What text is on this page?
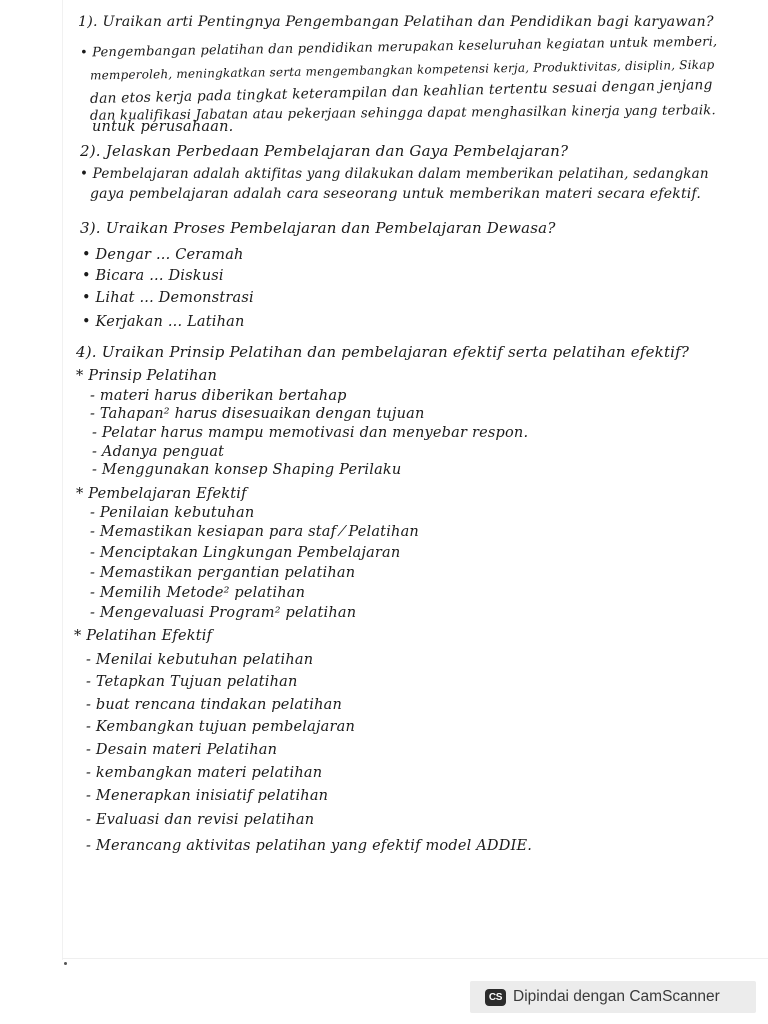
1). Uraikan arti Pentingnya Pengembangan Pelatihan dan Pendidikan bagi karyawan?
• Pengembangan pelatihan dan pendidikan merupakan keseluruhan kegiatan untuk memberi,
memperoleh, meningkatkan serta mengembangkan kompetensi kerja, Produktivitas, disiplin, Sikap
dan etos kerja pada tingkat keterampilan dan keahlian tertentu sesuai dengan jenjang
dan kualifikasi Jabatan atau pekerjaan sehingga dapat menghasilkan kinerja yang terbaik.
untuk perusahaan.
2). Jelaskan Perbedaan Pembelajaran dan Gaya Pembelajaran?
• Pembelajaran adalah aktifitas yang dilakukan dalam memberikan pelatihan, sedangkan
gaya pembelajaran adalah cara seseorang untuk memberikan materi secara efektif.
3). Uraikan Proses Pembelajaran dan Pembelajaran Dewasa?
• Dengar ... Ceramah
• Bicara ... Diskusi
• Lihat ... Demonstrasi
• Kerjakan ... Latihan
4). Uraikan Prinsip Pelatihan dan pembelajaran efektif serta pelatihan efektif?
* Prinsip Pelatihan
- materi harus diberikan bertahap
- Tahapan² harus disesuaikan dengan tujuan
- Pelatar harus mampu memotivasi dan menyebar respon.
- Adanya penguat
- Menggunakan konsep Shaping Perilaku
* Pembelajaran Efektif
- Penilaian kebutuhan
- Memastikan kesiapan para staf ⁄ Pelatihan
- Menciptakan Lingkungan Pembelajaran
- Memastikan pergantian pelatihan
- Memilih Metode² pelatihan
- Mengevaluasi Program² pelatihan
* Pelatihan Efektif
- Menilai kebutuhan pelatihan
- Tetapkan Tujuan pelatihan
- buat rencana tindakan pelatihan
- Kembangkan tujuan pembelajaran
- Desain materi Pelatihan
- kembangkan materi pelatihan
- Menerapkan inisiatif pelatihan
- Evaluasi dan revisi pelatihan
- Merancang aktivitas pelatihan yang efektif model ADDIE.
CS Dipindai dengan CamScanner
